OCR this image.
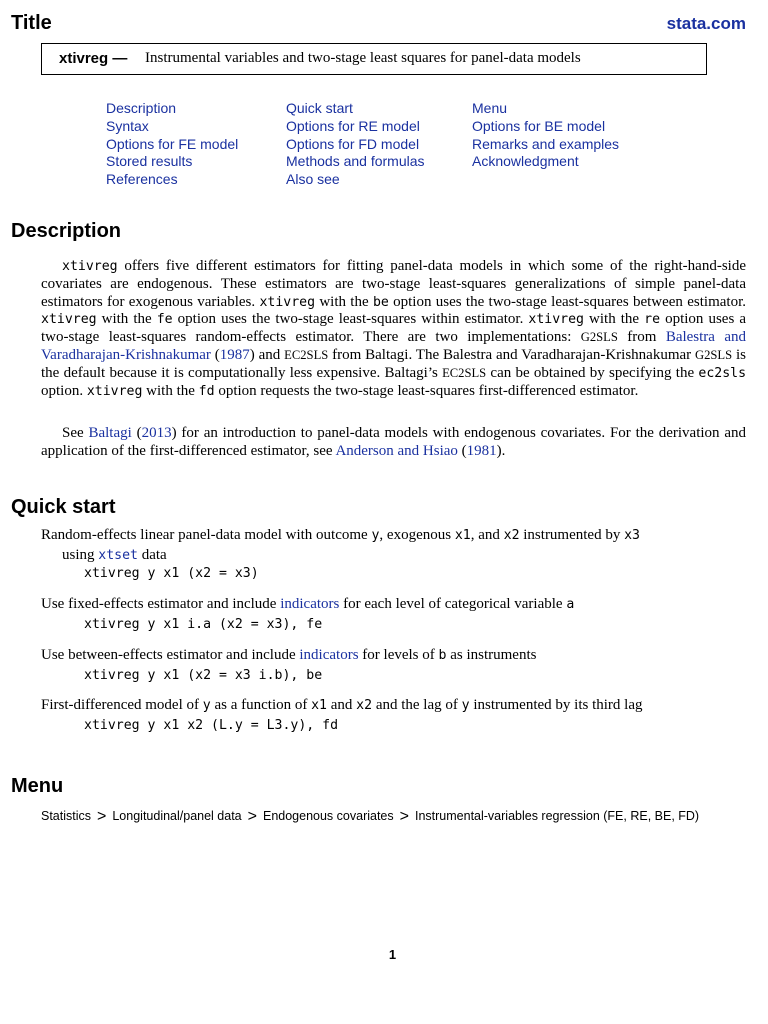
Title	stata.com
xtivreg — Instrumental variables and two-stage least squares for panel-data models
Description
Syntax
Options for FE model
Stored results
References
Quick start
Options for RE model
Options for FD model
Methods and formulas
Also see
Menu
Options for BE model
Remarks and examples
Acknowledgment
Description

xtivreg offers five different estimators for fitting panel-data models in which some of the right-hand-side covariates are endogenous. These estimators are two-stage least-squares generalizations of simple panel-data estimators for exogenous variables. xtivreg with the be option uses the two-stage least-squares between estimator. xtivreg with the fe option uses the two-stage least-squares within estimator. xtivreg with the re option uses a two-stage least-squares random-effects estimator. There are two implementations: G2SLS from Balestra and Varadharajan-Krishnakumar (1987) and EC2SLS from Baltagi. The Balestra and Varadharajan-Krishnakumar G2SLS is the default because it is computationally less expensive. Baltagi’s EC2SLS can be obtained by specifying the ec2sls option. xtivreg with the fd option requests the two-stage least-squares first-differenced estimator.

See Baltagi (2013) for an introduction to panel-data models with endogenous covariates. For the derivation and application of the first-differenced estimator, see Anderson and Hsiao (1981).

Quick start
Random-effects linear panel-data model with outcome y, exogenous x1, and x2 instrumented by x3
using xtset data
xtivreg y x1 (x2 = x3)
Use fixed-effects estimator and include indicators for each level of categorical variable a
xtivreg y x1 i.a (x2 = x3), fe
Use between-effects estimator and include indicators for levels of b as instruments
xtivreg y x1 (x2 = x3 i.b), be
First-differenced model of y as a function of x1 and x2 and the lag of y instrumented by its third lag
xtivreg y x1 x2 (L.y = L3.y), fd
Menu
Statistics > Longitudinal/panel data > Endogenous covariates > Instrumental-variables regression (FE, RE, BE, FD)
1
